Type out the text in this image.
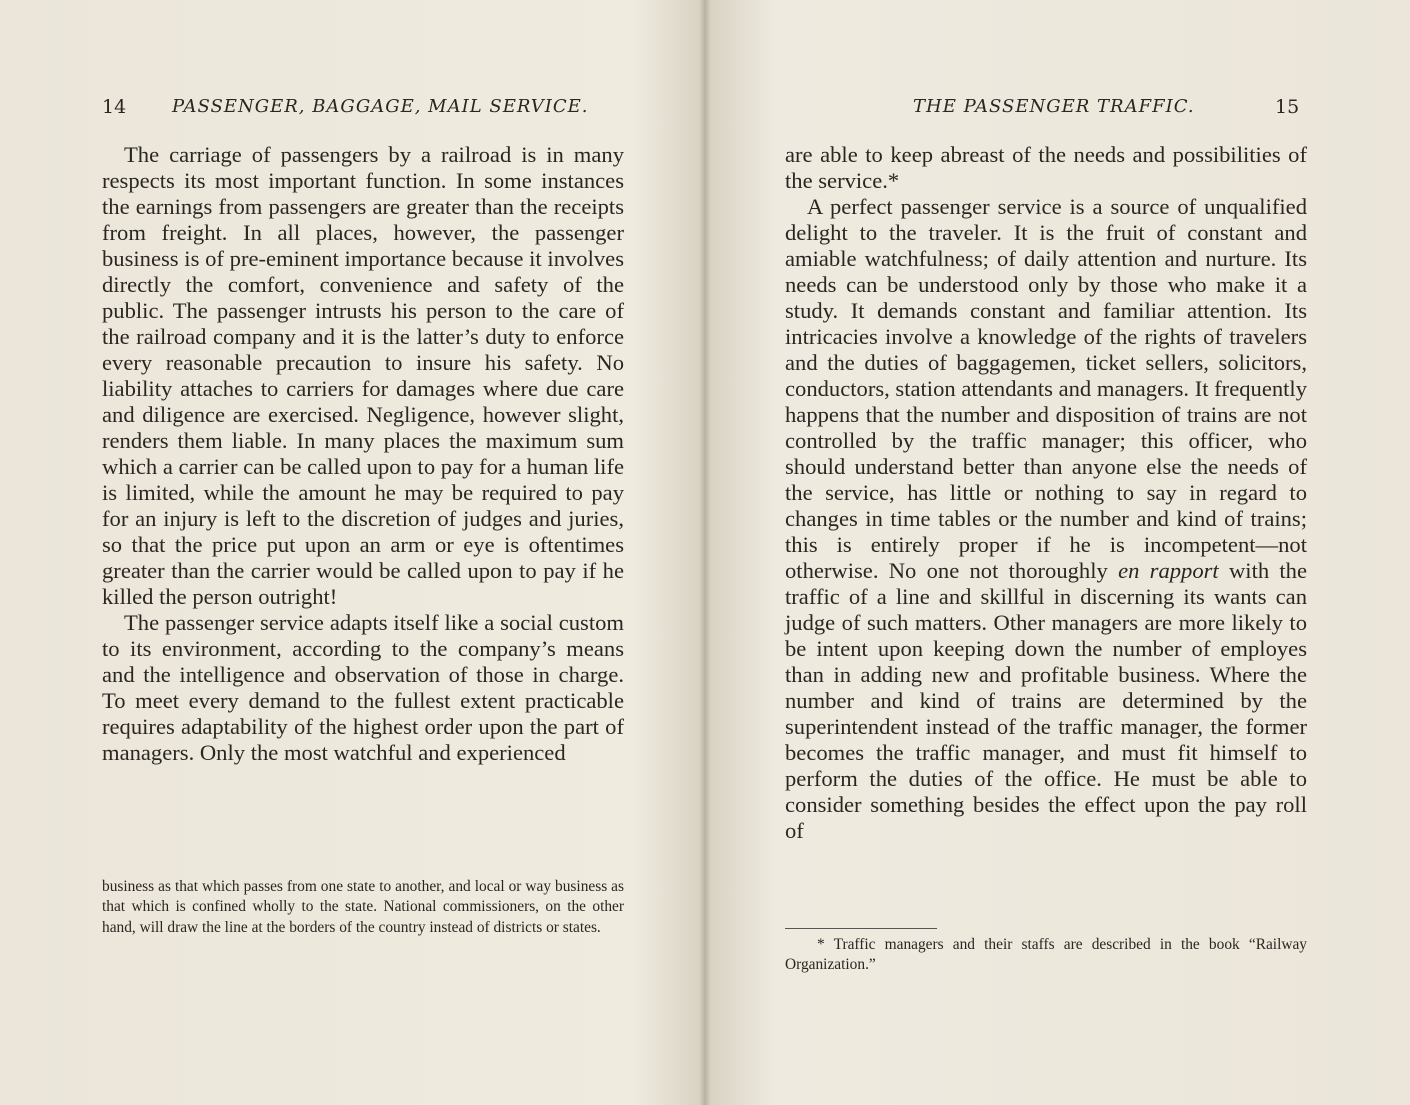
14	PASSENGER, BAGGAGE, MAIL SERVICE.

The carriage of passengers by a railroad is in many respects its most important function. In some instances the earnings from passengers are greater than the receipts from freight. In all places, however, the passenger business is of pre-eminent importance because it involves directly the comfort, convenience and safety of the public. The passenger intrusts his person to the care of the railroad company and it is the latter’s duty to enforce every reasonable precaution to insure his safety. No liability attaches to carriers for damages where due care and diligence are exercised. Negligence, however slight, renders them liable. In many places the maximum sum which a carrier can be called upon to pay for a human life is limited, while the amount he may be required to pay for an injury is left to the discretion of judges and juries, so that the price put upon an arm or eye is oftentimes greater than the carrier would be called upon to pay if he killed the person outright!

The passenger service adapts itself like a social custom to its environment, according to the company’s means and the intelligence and observation of those in charge. To meet every demand to the fullest extent practicable requires adaptability of the highest order upon the part of managers. Only the most watchful and experienced

business as that which passes from one state to another, and local or way business as that which is confined wholly to the state. National commissioners, on the other hand, will draw the line at the borders of the country instead of districts or states.

THE PASSENGER TRAFFIC.	15

are able to keep abreast of the needs and possibilities of the service.*

A perfect passenger service is a source of unqualified delight to the traveler. It is the fruit of constant and amiable watchfulness; of daily attention and nurture. Its needs can be understood only by those who make it a study. It demands constant and familiar attention. Its intricacies involve a knowledge of the rights of travelers and the duties of baggagemen, ticket sellers, solicitors, conductors, station attendants and managers. It frequently happens that the number and disposition of trains are not controlled by the traffic manager; this officer, who should understand better than anyone else the needs of the service, has little or nothing to say in regard to changes in time tables or the number and kind of trains; this is entirely proper if he is incompetent—not otherwise. No one not thoroughly en rapport with the traffic of a line and skillful in discerning its wants can judge of such matters. Other managers are more likely to be intent upon keeping down the number of employes than in adding new and profitable business. Where the number and kind of trains are determined by the superintendent instead of the traffic manager, the former becomes the traffic manager, and must fit himself to perform the duties of the office. He must be able to consider something besides the effect upon the pay roll of

* Traffic managers and their staffs are described in the book “Railway Organization.”
